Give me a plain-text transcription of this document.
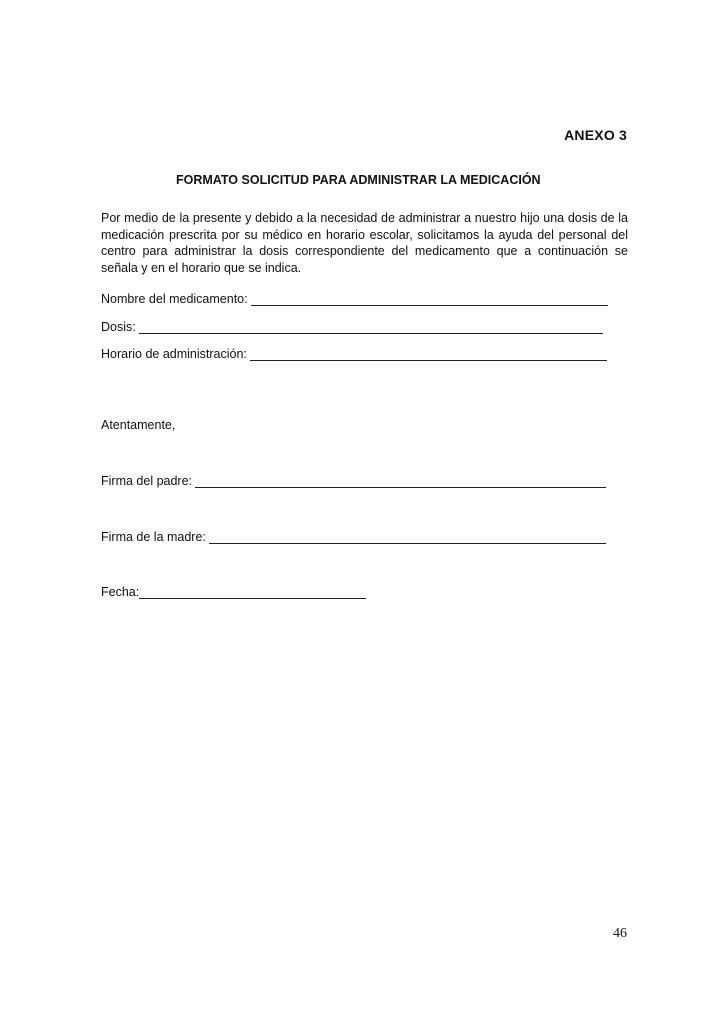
ANEXO 3
FORMATO SOLICITUD PARA ADMINISTRAR LA MEDICACIÓN
Por medio de la presente y debido a la necesidad de administrar a nuestro hijo una dosis de la medicación prescrita por su médico en horario escolar, solicitamos la ayuda del personal del centro para administrar la dosis correspondiente del medicamento que a continuación se señala y en el horario que se indica.
Nombre del medicamento:
Dosis:
Horario de administración:
Atentamente,
Firma del padre:
Firma de la madre:
Fecha:
46
